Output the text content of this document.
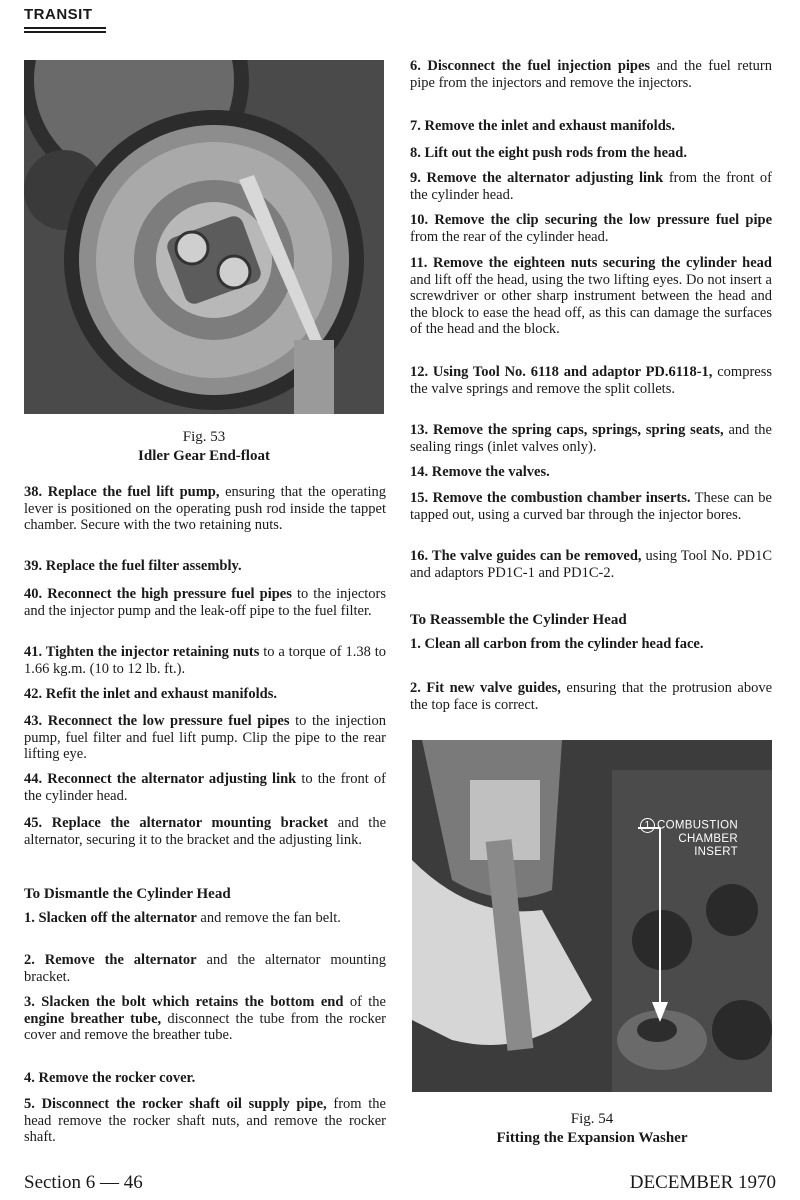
TRANSIT
Fig. 53
Idler Gear End-float
38. Replace the fuel lift pump, ensuring that the operating lever is positioned on the operating push rod inside the tappet chamber. Secure with the two retaining nuts.
39. Replace the fuel filter assembly.
40. Reconnect the high pressure fuel pipes to the injectors and the injector pump and the leak-off pipe to the fuel filter.
41. Tighten the injector retaining nuts to a torque of 1.38 to 1.66 kg.m. (10 to 12 lb. ft.).
42. Refit the inlet and exhaust manifolds.
43. Reconnect the low pressure fuel pipes to the injection pump, fuel filter and fuel lift pump. Clip the pipe to the rear lifting eye.
44. Reconnect the alternator adjusting link to the front of the cylinder head.
45. Replace the alternator mounting bracket and the alternator, securing it to the bracket and the adjusting link.
To Dismantle the Cylinder Head
1. Slacken off the alternator and remove the fan belt.
2. Remove the alternator and the alternator mounting bracket.
3. Slacken the bolt which retains the bottom end of the engine breather tube, disconnect the tube from the rocker cover and remove the breather tube.
4. Remove the rocker cover.
5. Disconnect the rocker shaft oil supply pipe, from the head remove the rocker shaft nuts, and remove the rocker shaft.
6. Disconnect the fuel injection pipes and the fuel return pipe from the injectors and remove the injectors.
7. Remove the inlet and exhaust manifolds.
8. Lift out the eight push rods from the head.
9. Remove the alternator adjusting link from the front of the cylinder head.
10. Remove the clip securing the low pressure fuel pipe from the rear of the cylinder head.
11. Remove the eighteen nuts securing the cylinder head and lift off the head, using the two lifting eyes. Do not insert a screwdriver or other sharp instrument between the head and the block to ease the head off, as this can damage the surfaces of the head and the block.
12. Using Tool No. 6118 and adaptor PD.6118-1, compress the valve springs and remove the split collets.
13. Remove the spring caps, springs, spring seats, and the sealing rings (inlet valves only).
14. Remove the valves.
15. Remove the combustion chamber inserts. These can be tapped out, using a curved bar through the injector bores.
16. The valve guides can be removed, using Tool No. PD1C and adaptors PD1C-1 and PD1C-2.
To Reassemble the Cylinder Head
1. Clean all carbon from the cylinder head face.
2. Fit new valve guides, ensuring that the protrusion above the top face is correct.
1 COMBUSTION
CHAMBER
INSERT
Fig. 54
Fitting the Expansion Washer
Section 6 — 46	DECEMBER 1970
